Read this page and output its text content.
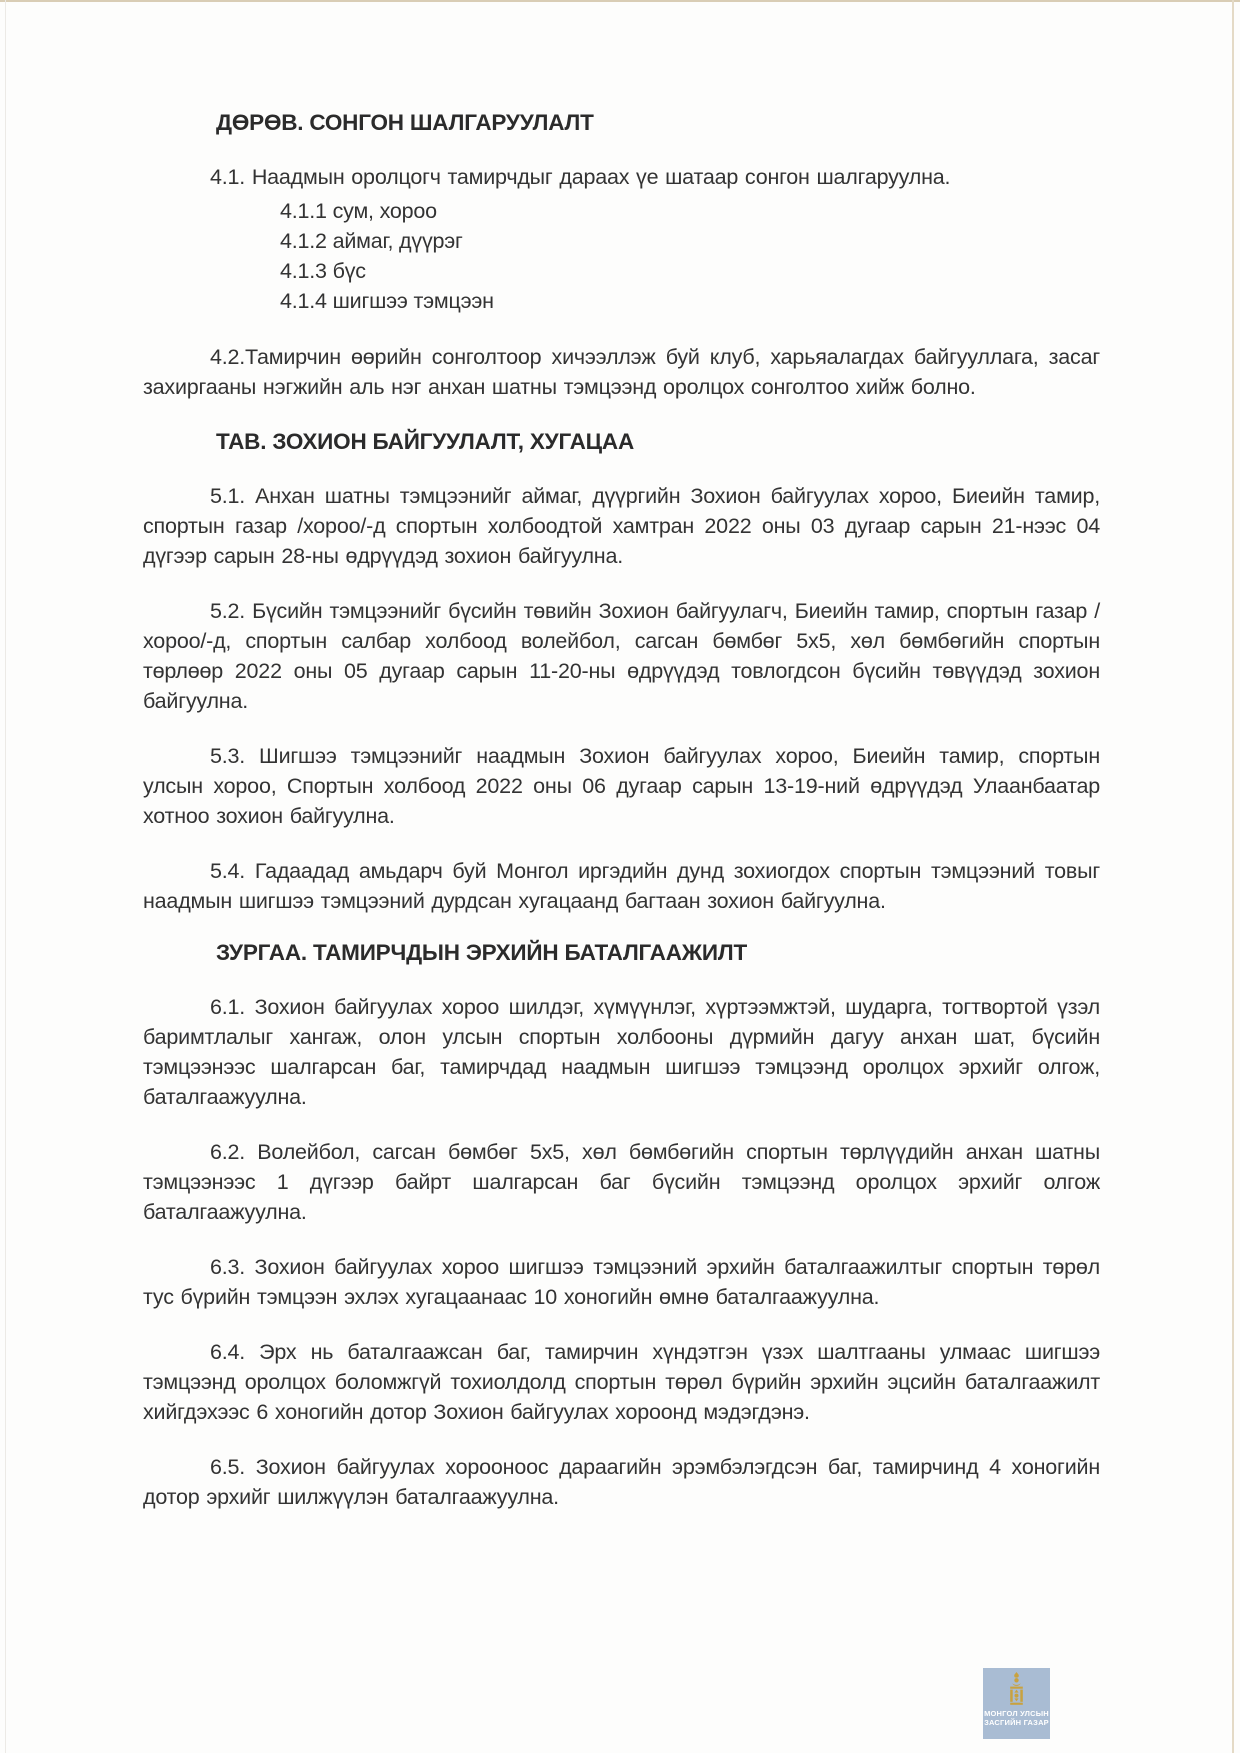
ДӨРӨВ. СОНГОН ШАЛГАРУУЛАЛТ

4.1. Наадмын оролцогч тамирчдыг дараах үе шатаар сонгон шалгаруулна.

4.1.1 сум, хороо
4.1.2 аймаг, дүүрэг
4.1.3 бүс
4.1.4 шигшээ тэмцээн

4.2.Тамирчин өөрийн сонголтоор хичээллэж буй клуб, харьяалагдах байгууллага, засаг захиргааны нэгжийн аль нэг анхан шатны тэмцээнд оролцох сонголтоо хийж болно.

ТАВ. ЗОХИОН БАЙГУУЛАЛТ, ХУГАЦАА

5.1. Анхан шатны тэмцээнийг аймаг, дүүргийн Зохион байгуулах хороо, Биеийн тамир, спортын газар /хороо/-д спортын холбоодтой хамтран 2022 оны 03 дугаар сарын 21-нээс 04 дүгээр сарын 28-ны өдрүүдэд зохион байгуулна.

5.2. Бүсийн тэмцээнийг бүсийн төвийн Зохион байгуулагч, Биеийн тамир, спортын газар /хороо/-д, спортын салбар холбоод волейбол, сагсан бөмбөг 5х5, хөл бөмбөгийн спортын төрлөөр 2022 оны 05 дугаар сарын 11-20-ны өдрүүдэд товлогдсон бүсийн төвүүдэд зохион байгуулна.

5.3. Шигшээ тэмцээнийг наадмын Зохион байгуулах хороо, Биеийн тамир, спортын улсын хороо, Спортын холбоод 2022 оны 06 дугаар сарын 13-19-ний өдрүүдэд Улаанбаатар хотноо зохион байгуулна.

5.4. Гадаадад амьдарч буй Монгол иргэдийн дунд зохиогдох спортын тэмцээний товыг наадмын шигшээ тэмцээний дурдсан хугацаанд багтаан зохион байгуулна.

ЗУРГАА. ТАМИРЧДЫН ЭРХИЙН БАТАЛГААЖИЛТ

6.1. Зохион байгуулах хороо шилдэг, хүмүүнлэг, хүртээмжтэй, шударга, тогтвортой үзэл баримтлалыг хангаж, олон улсын спортын холбооны дүрмийн дагуу анхан шат, бүсийн тэмцээнээс шалгарсан баг, тамирчдад наадмын шигшээ тэмцээнд оролцох эрхийг олгож, баталгаажуулна.

6.2. Волейбол, сагсан бөмбөг 5х5, хөл бөмбөгийн спортын төрлүүдийн анхан шатны тэмцээнээс 1 дүгээр байрт шалгарсан баг бүсийн тэмцээнд оролцох эрхийг олгож баталгаажуулна.

6.3. Зохион байгуулах хороо шигшээ тэмцээний эрхийн баталгаажилтыг спортын төрөл тус бүрийн тэмцээн эхлэх хугацаанаас 10 хоногийн өмнө баталгаажуулна.

6.4. Эрх нь баталгаажсан баг, тамирчин хүндэтгэн үзэх шалтгааны улмаас шигшээ тэмцээнд оролцох боломжгүй тохиолдолд спортын төрөл бүрийн эрхийн эцсийн баталгаажилт хийгдэхээс 6 хоногийн дотор Зохион байгуулах хороонд мэдэгдэнэ.

6.5. Зохион байгуулах хорооноос дараагийн эрэмбэлэгдсэн баг, тамирчинд 4 хоногийн дотор эрхийг шилжүүлэн баталгаажуулна.

МОНГОЛ УЛСЫН
ЗАСГИЙН ГАЗАР
